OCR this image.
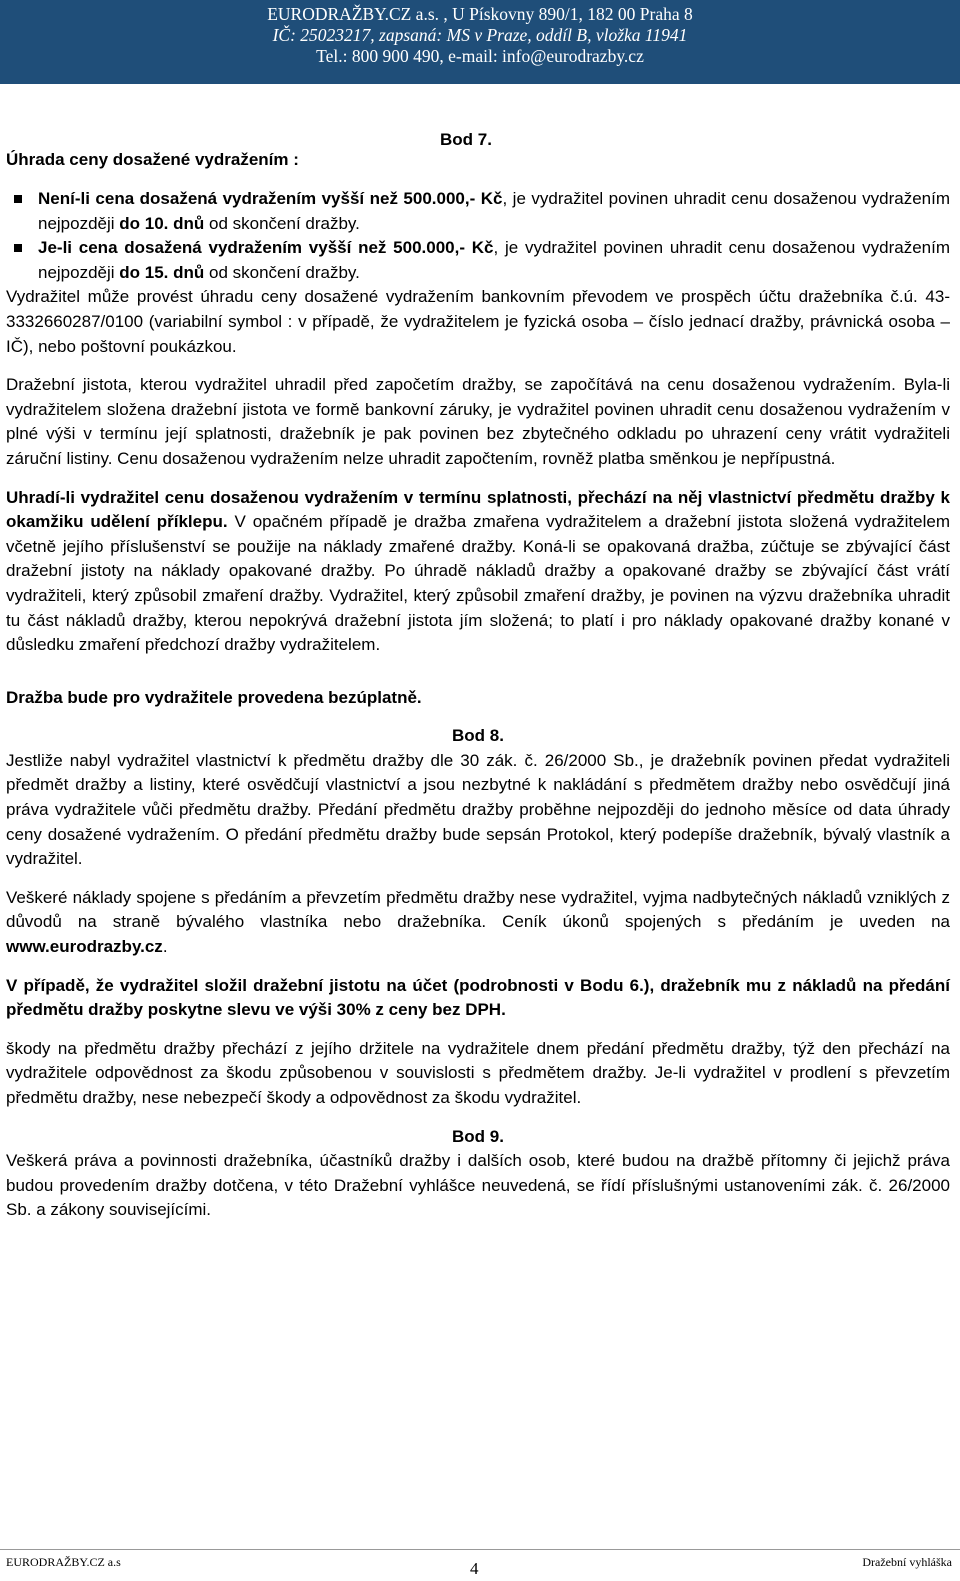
EURODRAŽBY.CZ a.s. , U Pískovny 890/1, 182 00 Praha 8
IČ: 25023217, zapsaná: MS v Praze, oddíl B, vložka 11941
Tel.: 800 900 490, e-mail: info@eurodrazby.cz
Bod 7.
Úhrada ceny dosažené vydražením :
Není-li cena dosažená vydražením vyšší než 500.000,- Kč, je vydražitel povinen uhradit cenu dosaženou vydražením nejpozději do 10. dnů od skončení dražby.
Je-li cena dosažená vydražením vyšší než 500.000,- Kč, je vydražitel povinen uhradit cenu dosaženou vydražením nejpozději do 15. dnů od skončení dražby.

Vydražitel může provést úhradu ceny dosažené vydražením bankovním převodem ve prospěch účtu dražebníka č.ú. 43-3332660287/0100 (variabilní symbol : v případě, že vydražitelem je fyzická osoba – číslo jednací dražby, právnická osoba – IČ), nebo poštovní poukázkou.

Dražební jistota, kterou vydražitel uhradil před započetím dražby, se započítává na cenu dosaženou vydražením. Byla-li vydražitelem složena dražební jistota ve formě bankovní záruky, je vydražitel povinen uhradit cenu dosaženou vydražením v plné výši v termínu její splatnosti, dražebník je pak povinen bez zbytečného odkladu po uhrazení ceny vrátit vydražiteli záruční listiny. Cenu dosaženou vydražením nelze uhradit započtením, rovněž platba směnkou je nepřípustná.

Uhradí-li vydražitel cenu dosaženou vydražením v termínu splatnosti, přechází na něj vlastnictví předmětu dražby k okamžiku udělení příklepu. V opačném případě je dražba zmařena vydražitelem a dražební jistota složená vydražitelem včetně jejího příslušenství se použije na náklady zmařené dražby. Koná-li se opakovaná dražba, zúčtuje se zbývající část dražební jistoty na náklady opakované dražby. Po úhradě nákladů dražby a opakované dražby se zbývající část vrátí vydražiteli, který způsobil zmaření dražby. Vydražitel, který způsobil zmaření dražby, je povinen na výzvu dražebníka uhradit tu část nákladů dražby, kterou nepokrývá dražební jistota jím složená; to platí i pro náklady opakované dražby konané v důsledku zmaření předchozí dražby vydražitelem.

Dražba bude pro vydražitele provedena bezúplatně.

Bod 8.

Jestliže nabyl vydražitel vlastnictví k předmětu dražby dle 30 zák. č. 26/2000 Sb., je dražebník povinen předat vydražiteli předmět dražby a listiny, které osvědčují vlastnictví a jsou nezbytné k nakládání s předmětem dražby nebo osvědčují jiná práva vydražitele vůči předmětu dražby. Předání předmětu dražby proběhne nejpozději do jednoho měsíce od data úhrady ceny dosažené vydražením. O předání předmětu dražby bude sepsán Protokol, který podepíše dražebník, bývalý vlastník a vydražitel.

Veškeré náklady spojene s předáním a převzetím předmětu dražby nese vydražitel, vyjma nadbytečných nákladů vzniklých z důvodů na straně bývalého vlastníka nebo dražebníka. Ceník úkonů spojených s předáním je uveden na www.eurodrazby.cz.

V případě, že vydražitel složil dražební jistotu na účet (podrobnosti v Bodu 6.), dražebník mu z nákladů na předání předmětu dražby poskytne slevu ve výši 30% z ceny bez DPH.

škody na předmětu dražby přechází z jejího držitele na vydražitele dnem předání předmětu dražby, týž den přechází na vydražitele odpovědnost za škodu způsobenou v souvislosti s předmětem dražby. Je-li vydražitel v prodlení s převzetím předmětu dražby, nese nebezpečí škody a odpovědnost za škodu vydražitel.

Bod 9.

Veškerá práva a povinnosti dražebníka, účastníků dražby i dalších osob, které budou na dražbě přítomny či jejichž práva budou provedením dražby dotčena, v této Dražební vyhlášce neuvedená, se řídí příslušnými ustanoveními zák. č. 26/2000 Sb. a zákony souvisejícími.

EURODRAŽBY.CZ a.s	4	Dražební vyhláška
